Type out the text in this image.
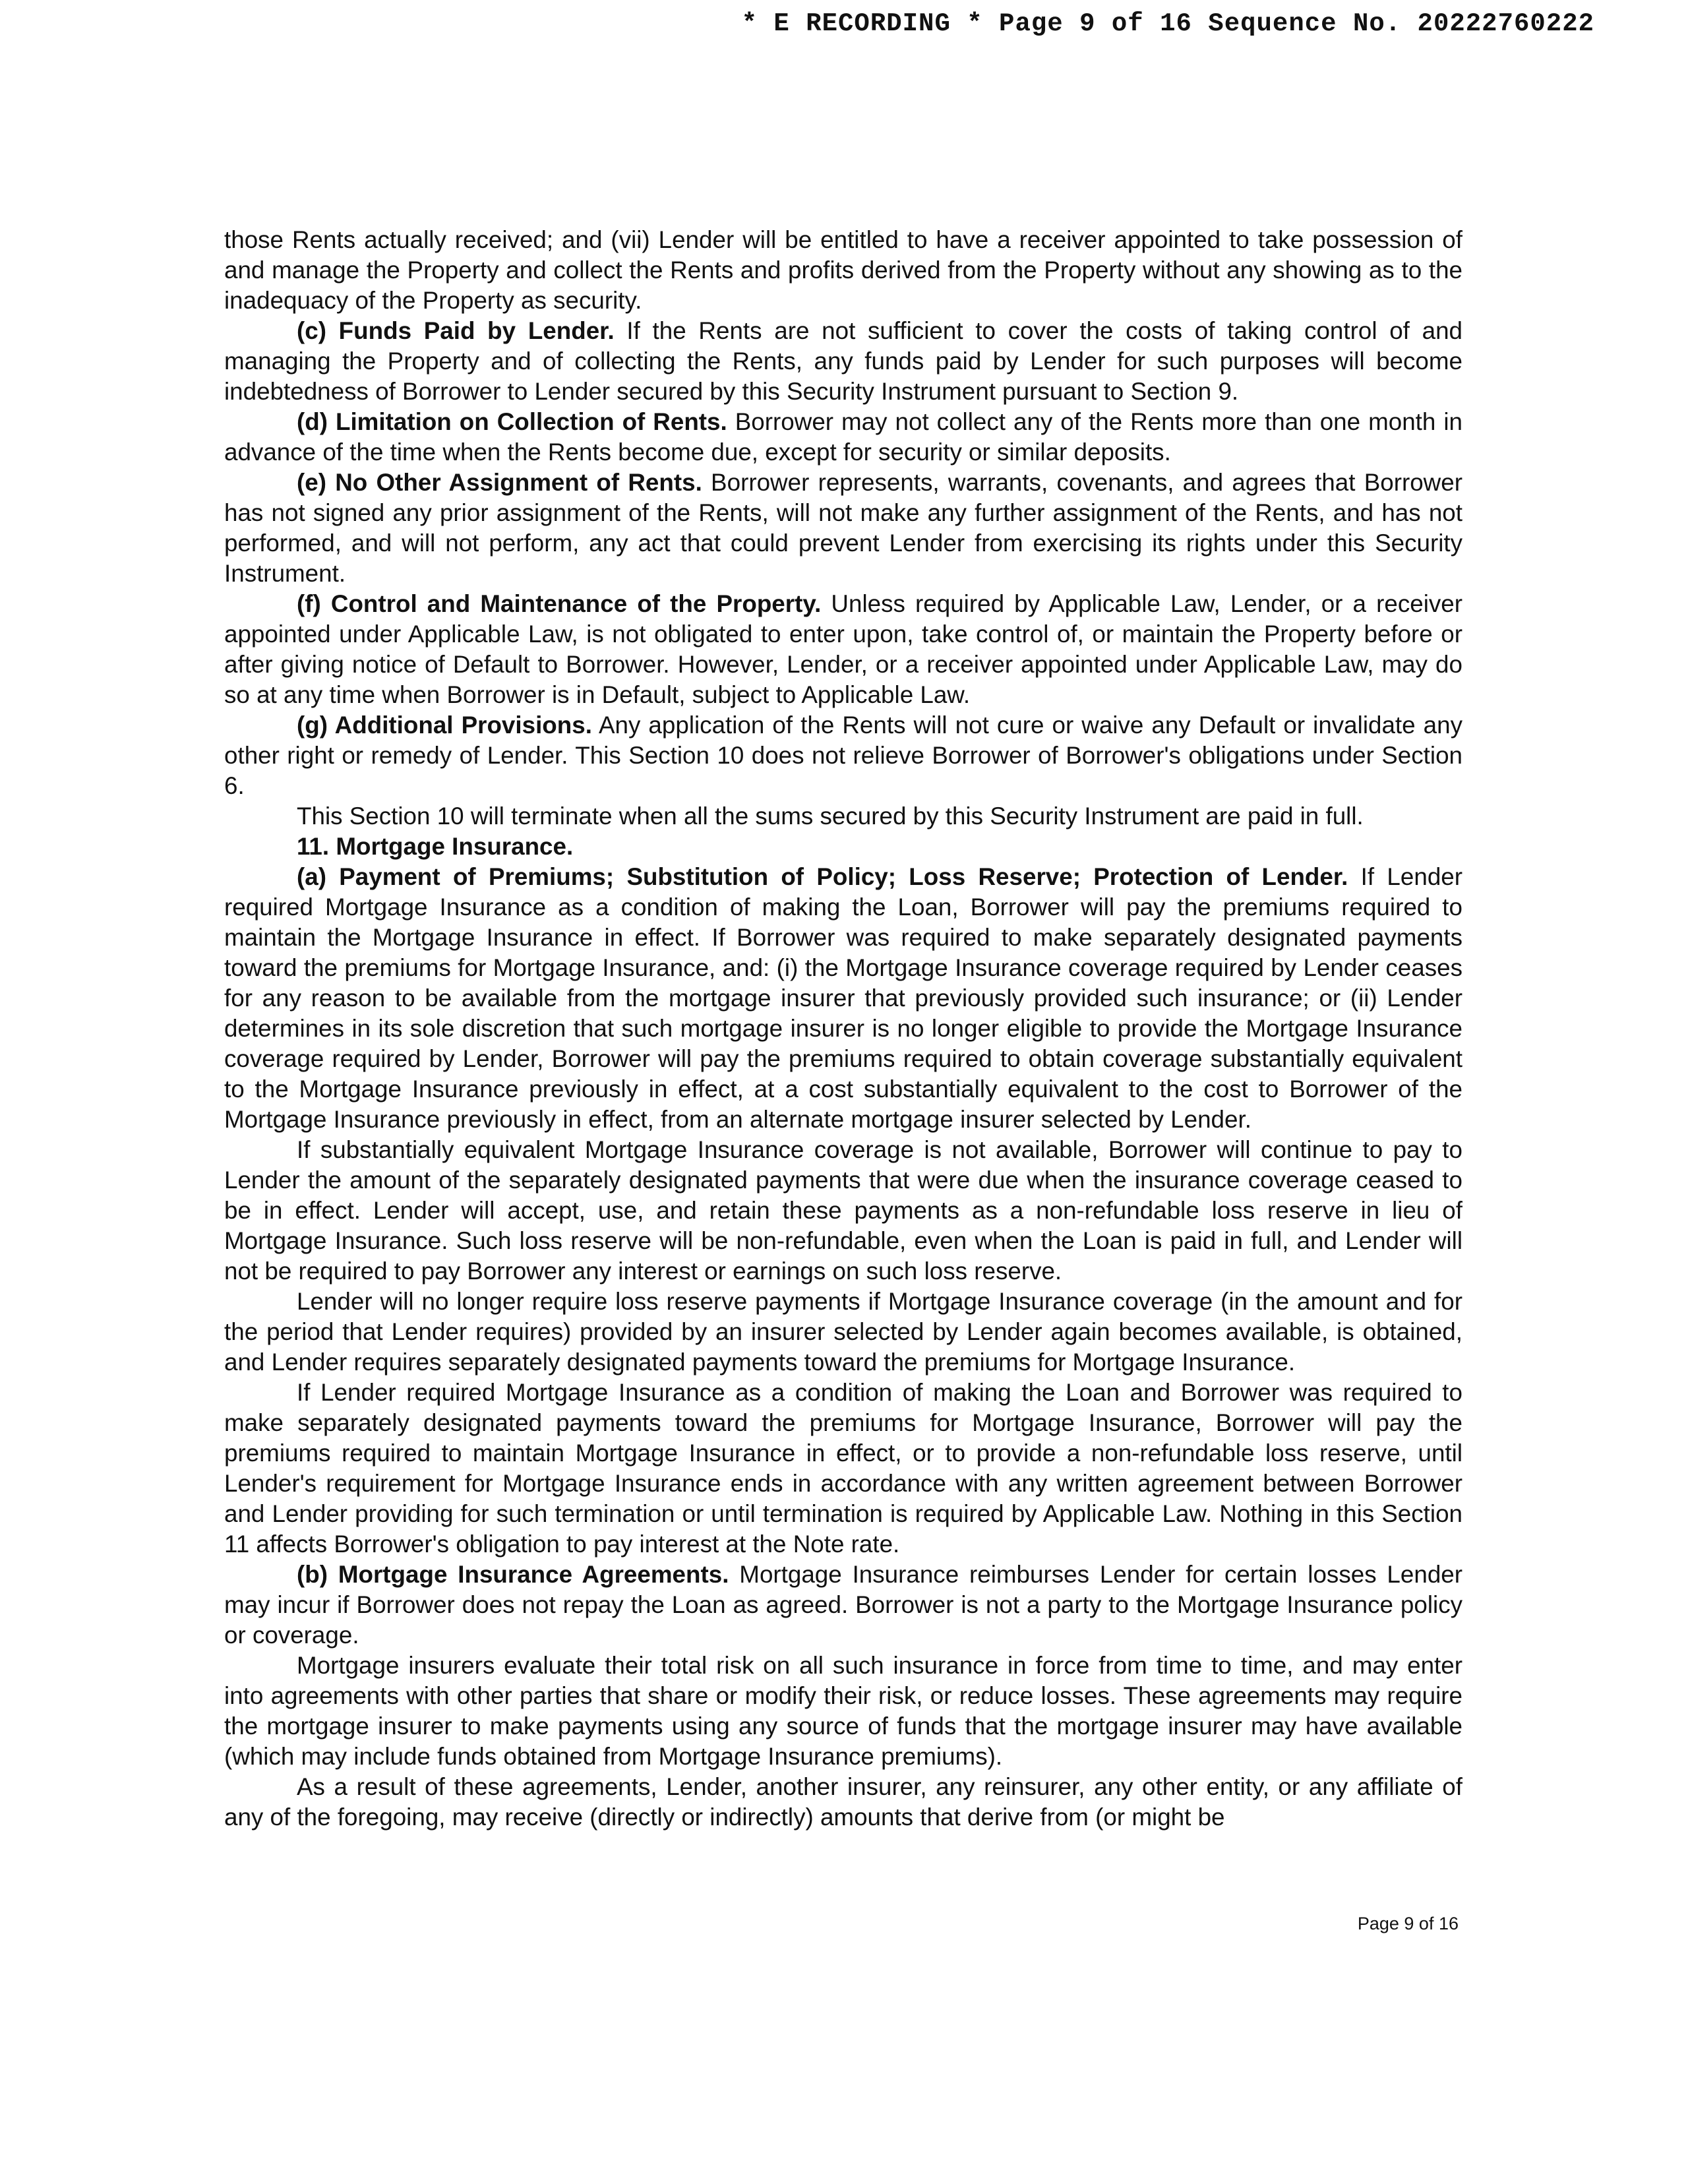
* E RECORDING * Page 9 of 16 Sequence No. 20222760222

those Rents actually received; and (vii) Lender will be entitled to have a receiver appointed to take possession of and manage the Property and collect the Rents and profits derived from the Property without any showing as to the inadequacy of the Property as security.

(c) Funds Paid by Lender. If the Rents are not sufficient to cover the costs of taking control of and managing the Property and of collecting the Rents, any funds paid by Lender for such purposes will become indebtedness of Borrower to Lender secured by this Security Instrument pursuant to Section 9.

(d) Limitation on Collection of Rents. Borrower may not collect any of the Rents more than one month in advance of the time when the Rents become due, except for security or similar deposits.

(e) No Other Assignment of Rents. Borrower represents, warrants, covenants, and agrees that Borrower has not signed any prior assignment of the Rents, will not make any further assignment of the Rents, and has not performed, and will not perform, any act that could prevent Lender from exercising its rights under this Security Instrument.

(f) Control and Maintenance of the Property. Unless required by Applicable Law, Lender, or a receiver appointed under Applicable Law, is not obligated to enter upon, take control of, or maintain the Property before or after giving notice of Default to Borrower. However, Lender, or a receiver appointed under Applicable Law, may do so at any time when Borrower is in Default, subject to Applicable Law.

(g) Additional Provisions. Any application of the Rents will not cure or waive any Default or invalidate any other right or remedy of Lender. This Section 10 does not relieve Borrower of Borrower's obligations under Section 6.

This Section 10 will terminate when all the sums secured by this Security Instrument are paid in full.

11. Mortgage Insurance.

(a) Payment of Premiums; Substitution of Policy; Loss Reserve; Protection of Lender. If Lender required Mortgage Insurance as a condition of making the Loan, Borrower will pay the premiums required to maintain the Mortgage Insurance in effect. If Borrower was required to make separately designated payments toward the premiums for Mortgage Insurance, and: (i) the Mortgage Insurance coverage required by Lender ceases for any reason to be available from the mortgage insurer that previously provided such insurance; or (ii) Lender determines in its sole discretion that such mortgage insurer is no longer eligible to provide the Mortgage Insurance coverage required by Lender, Borrower will pay the premiums required to obtain coverage substantially equivalent to the Mortgage Insurance previously in effect, at a cost substantially equivalent to the cost to Borrower of the Mortgage Insurance previously in effect, from an alternate mortgage insurer selected by Lender.

If substantially equivalent Mortgage Insurance coverage is not available, Borrower will continue to pay to Lender the amount of the separately designated payments that were due when the insurance coverage ceased to be in effect. Lender will accept, use, and retain these payments as a non-refundable loss reserve in lieu of Mortgage Insurance. Such loss reserve will be non-refundable, even when the Loan is paid in full, and Lender will not be required to pay Borrower any interest or earnings on such loss reserve.

Lender will no longer require loss reserve payments if Mortgage Insurance coverage (in the amount and for the period that Lender requires) provided by an insurer selected by Lender again becomes available, is obtained, and Lender requires separately designated payments toward the premiums for Mortgage Insurance.

If Lender required Mortgage Insurance as a condition of making the Loan and Borrower was required to make separately designated payments toward the premiums for Mortgage Insurance, Borrower will pay the premiums required to maintain Mortgage Insurance in effect, or to provide a non-refundable loss reserve, until Lender's requirement for Mortgage Insurance ends in accordance with any written agreement between Borrower and Lender providing for such termination or until termination is required by Applicable Law. Nothing in this Section 11 affects Borrower's obligation to pay interest at the Note rate.

(b) Mortgage Insurance Agreements. Mortgage Insurance reimburses Lender for certain losses Lender may incur if Borrower does not repay the Loan as agreed. Borrower is not a party to the Mortgage Insurance policy or coverage.

Mortgage insurers evaluate their total risk on all such insurance in force from time to time, and may enter into agreements with other parties that share or modify their risk, or reduce losses. These agreements may require the mortgage insurer to make payments using any source of funds that the mortgage insurer may have available (which may include funds obtained from Mortgage Insurance premiums).

As a result of these agreements, Lender, another insurer, any reinsurer, any other entity, or any affiliate of any of the foregoing, may receive (directly or indirectly) amounts that derive from (or might be

Page 9 of 16
